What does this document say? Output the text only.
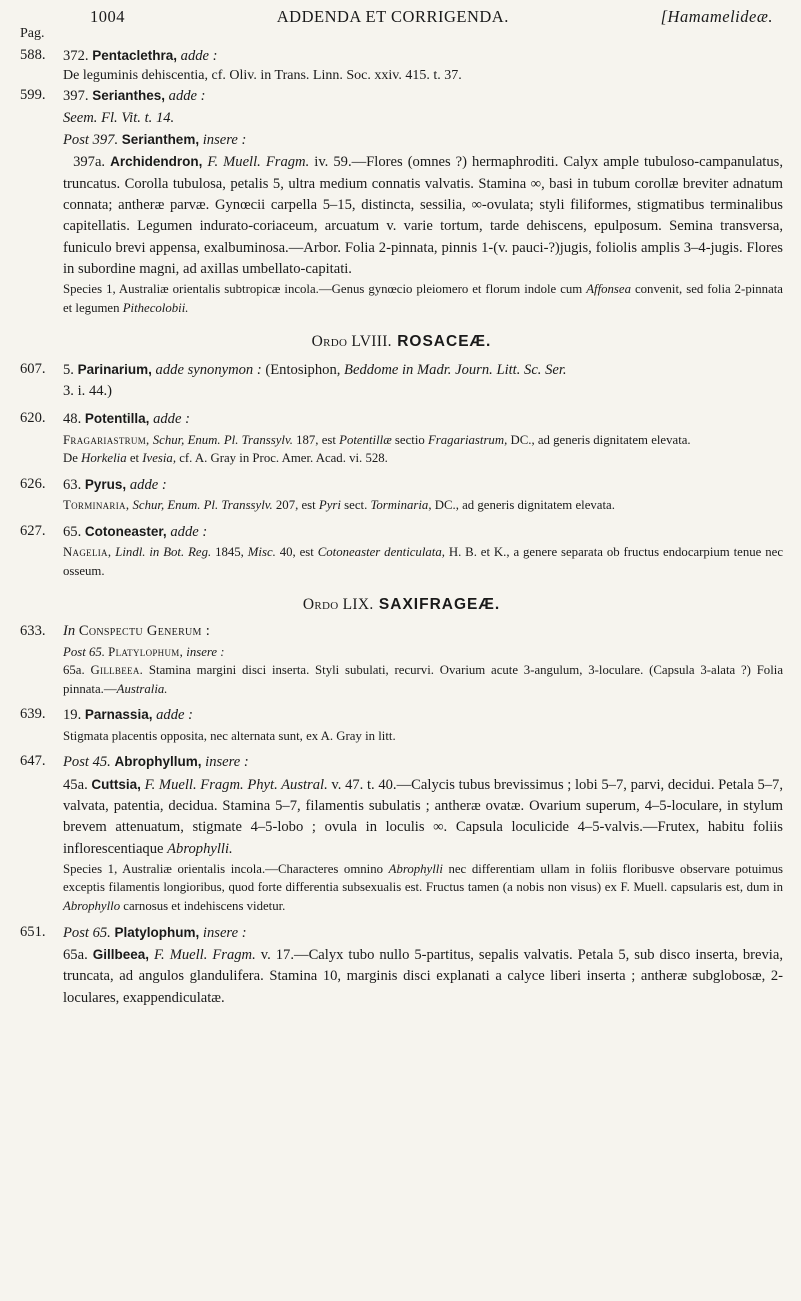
1004	ADDENDA ET CORRIGENDA.	[Hamamelideæ.
Pag.
588.	372. Pentaclethra, adde :
De leguminis dehiscentia, cf. Oliv. in Trans. Linn. Soc. xxiv. 415. t. 37.
599.	397. Serianthes, adde :
Seem. Fl. Vit. t. 14.
Post 397. Serianthem, insere :
397a. Archidendron, F. Muell. Fragm. iv. 59.—Flores (omnes ?) hermaphroditi. Calyx ample tubuloso-campanulatus, truncatus. Corolla tubulosa, petalis 5, ultra medium connatis valvatis. Stamina ∞, basi in tubum corollæ breviter adnatum connata; antheræ parvæ. Gynœcii carpella 5–15, distincta, sessilia, ∞-ovulata; styli filiformes, stigmatibus terminalibus capitellatis. Legumen indurato-coriaceum, arcuatum v. varie tortum, tarde dehiscens, epulposum. Semina transversa, funiculo brevi appensa, exalbuminosa.—Arbor. Folia 2-pinnata, pinnis 1-(v. pauci-?)jugis, foliolis amplis 3–4-jugis. Flores in subordine magni, ad axillas umbellato-capitati.
Species 1, Australiæ orientalis subtropicæ incola.—Genus gynœcio pleiomero et florum indole cum Affonsea convenit, sed folia 2-pinnata et legumen Pithecolobii.
Ordo LVIII. ROSACEÆ.
607.	5. Parinarium, adde synonymon : (Entosiphon, Beddome in Madr. Journ. Litt. Sc. Ser.
3. i. 44.)
620.	48. Potentilla, adde :
Fragariastrum, Schur, Enum. Pl. Transsylv. 187, est Potentillæ sectio Fragariastrum, DC., ad generis dignitatem elevata.
De Horkelia et Ivesia, cf. A. Gray in Proc. Amer. Acad. vi. 528.
626.	63. Pyrus, adde :
Torminaria, Schur, Enum. Pl. Transsylv. 207, est Pyri sect. Torminaria, DC., ad generis dignitatem elevata.
627.	65. Cotoneaster, adde :
Nagelia, Lindl. in Bot. Reg. 1845, Misc. 40, est Cotoneaster denticulata, H. B. et K., a genere separata ob fructus endocarpium tenue nec osseum.
Ordo LIX. SAXIFRAGEÆ.
633.	In Conspectu Generum :
Post 65. Platylophum, insere :
65a. Gillbeea. Stamina margini disci inserta. Styli subulati, recurvi. Ovarium acute 3-angulum, 3-loculare. (Capsula 3-alata ?) Folia pinnata.—Australia.
639.	19. Parnassia, adde :
Stigmata placentis opposita, nec alternata sunt, ex A. Gray in litt.
647.	Post 45. Abrophyllum, insere :
45a. Cuttsia, F. Muell. Fragm. Phyt. Austral. v. 47. t. 40.—Calycis tubus brevissimus ; lobi 5–7, parvi, decidui. Petala 5–7, valvata, patentia, decidua. Stamina 5–7, filamentis subulatis ; antheræ ovatæ. Ovarium superum, 4–5-loculare, in stylum brevem attenuatum, stigmate 4–5-lobo ; ovula in loculis ∞. Capsula loculicide 4–5-valvis.—Frutex, habitu foliis inflorescentiaque Abrophylli.
Species 1, Australiæ orientalis incola.—Characteres omnino Abrophylli nec differentiam ullam in foliis floribusve observare potuimus exceptis filamentis longioribus, quod forte differentia subsexualis est. Fructus tamen (a nobis non visus) ex F. Muell. capsularis est, dum in Abrophyllo carnosus et indehiscens videtur.
651.	Post 65. Platylophum, insere :
65a. Gillbeea, F. Muell. Fragm. v. 17.—Calyx tubo nullo 5-partitus, sepalis valvatis. Petala 5, sub disco inserta, brevia, truncata, ad angulos glandulifera. Stamina 10, marginis disci explanati a calyce liberi inserta ; antheræ subglobosæ, 2-loculares, exappendiculatæ.
